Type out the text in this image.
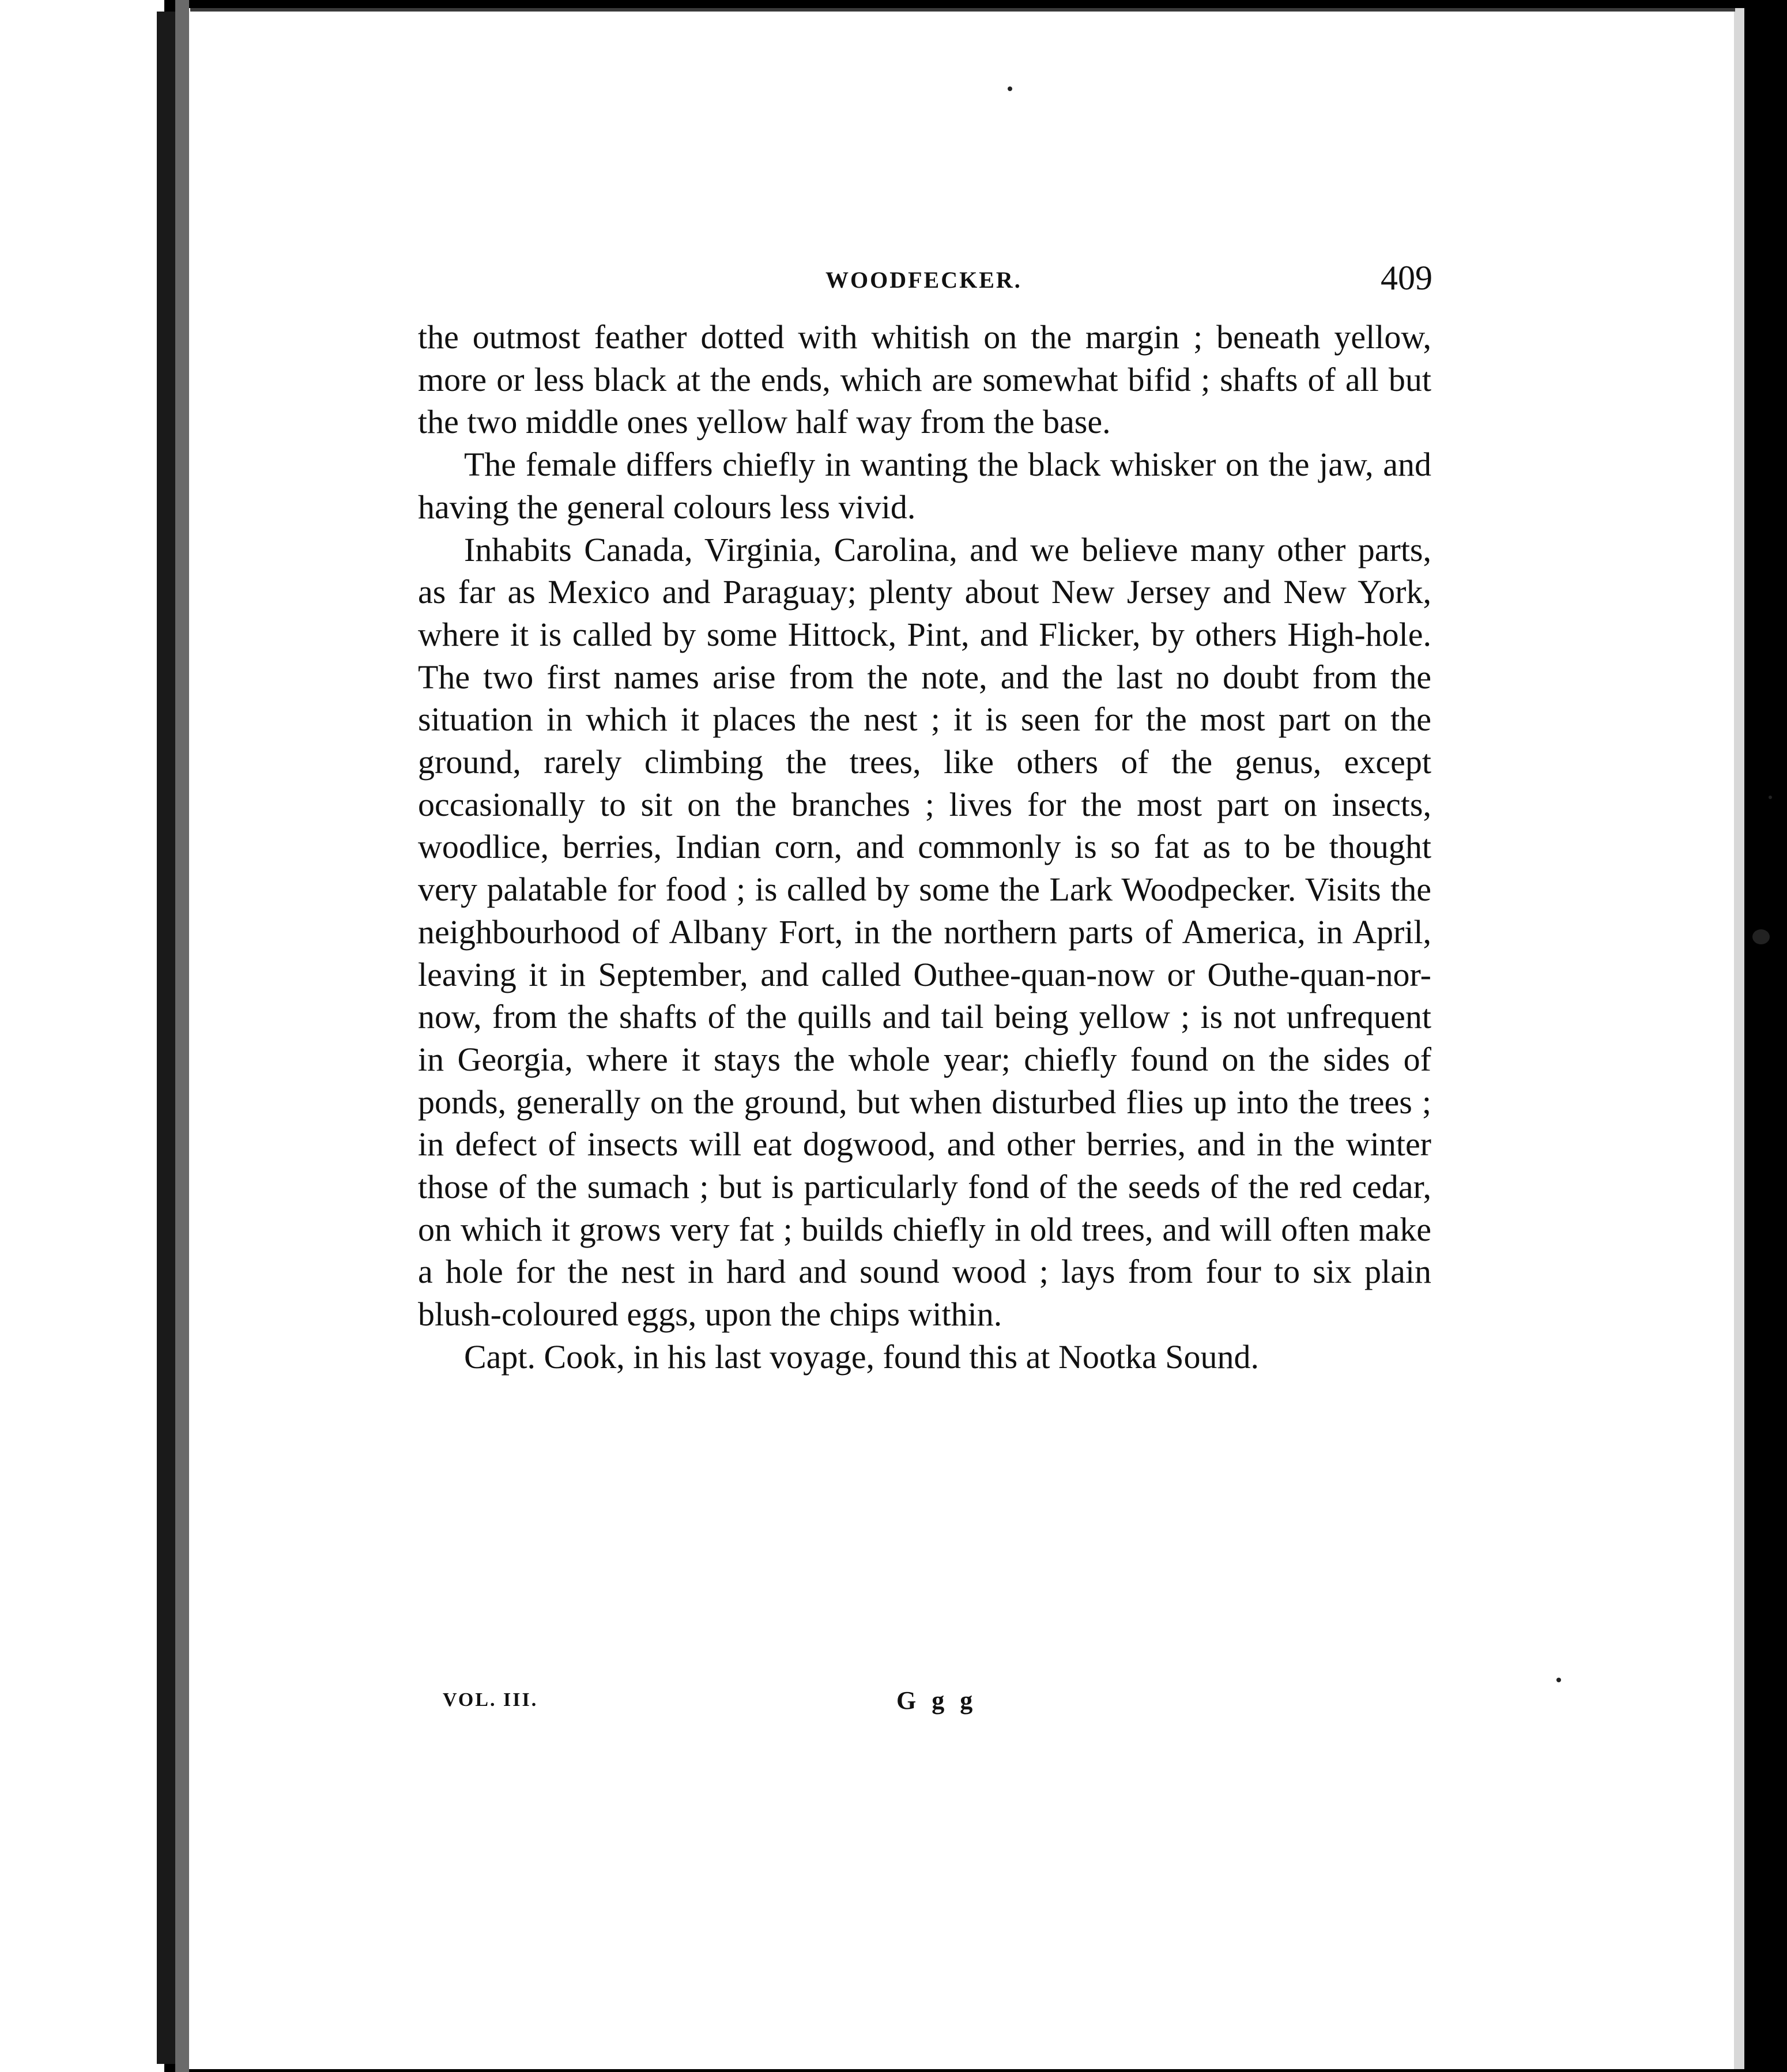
WOODFECKER.	409

the outmost feather dotted with whitish on the margin ; beneath yellow, more or less black at the ends, which are somewhat bifid ; shafts of all but the two middle ones yellow half way from the base.

The female differs chiefly in wanting the black whisker on the jaw, and having the general colours less vivid.

Inhabits Canada, Virginia, Carolina, and we believe many other parts, as far as Mexico and Paraguay; plenty about New Jersey and New York, where it is called by some Hittock, Pint, and Flicker, by others High-hole. The two first names arise from the note, and the last no doubt from the situation in which it places the nest ; it is seen for the most part on the ground, rarely climbing the trees, like others of the genus, except occasionally to sit on the branches ; lives for the most part on insects, woodlice, berries, Indian corn, and commonly is so fat as to be thought very palatable for food ; is called by some the Lark Woodpecker. Visits the neighbourhood of Albany Fort, in the northern parts of America, in April, leaving it in September, and called Outhee-quan-now or Outhe-quan-nor-now, from the shafts of the quills and tail being yellow ; is not unfrequent in Georgia, where it stays the whole year; chiefly found on the sides of ponds, generally on the ground, but when disturbed flies up into the trees ; in defect of insects will eat dogwood, and other berries, and in the winter those of the sumach ; but is particularly fond of the seeds of the red cedar, on which it grows very fat ; builds chiefly in old trees, and will often make a hole for the nest in hard and sound wood ; lays from four to six plain blush-coloured eggs, upon the chips within.

Capt. Cook, in his last voyage, found this at Nootka Sound.

VOL. III.	G g g
